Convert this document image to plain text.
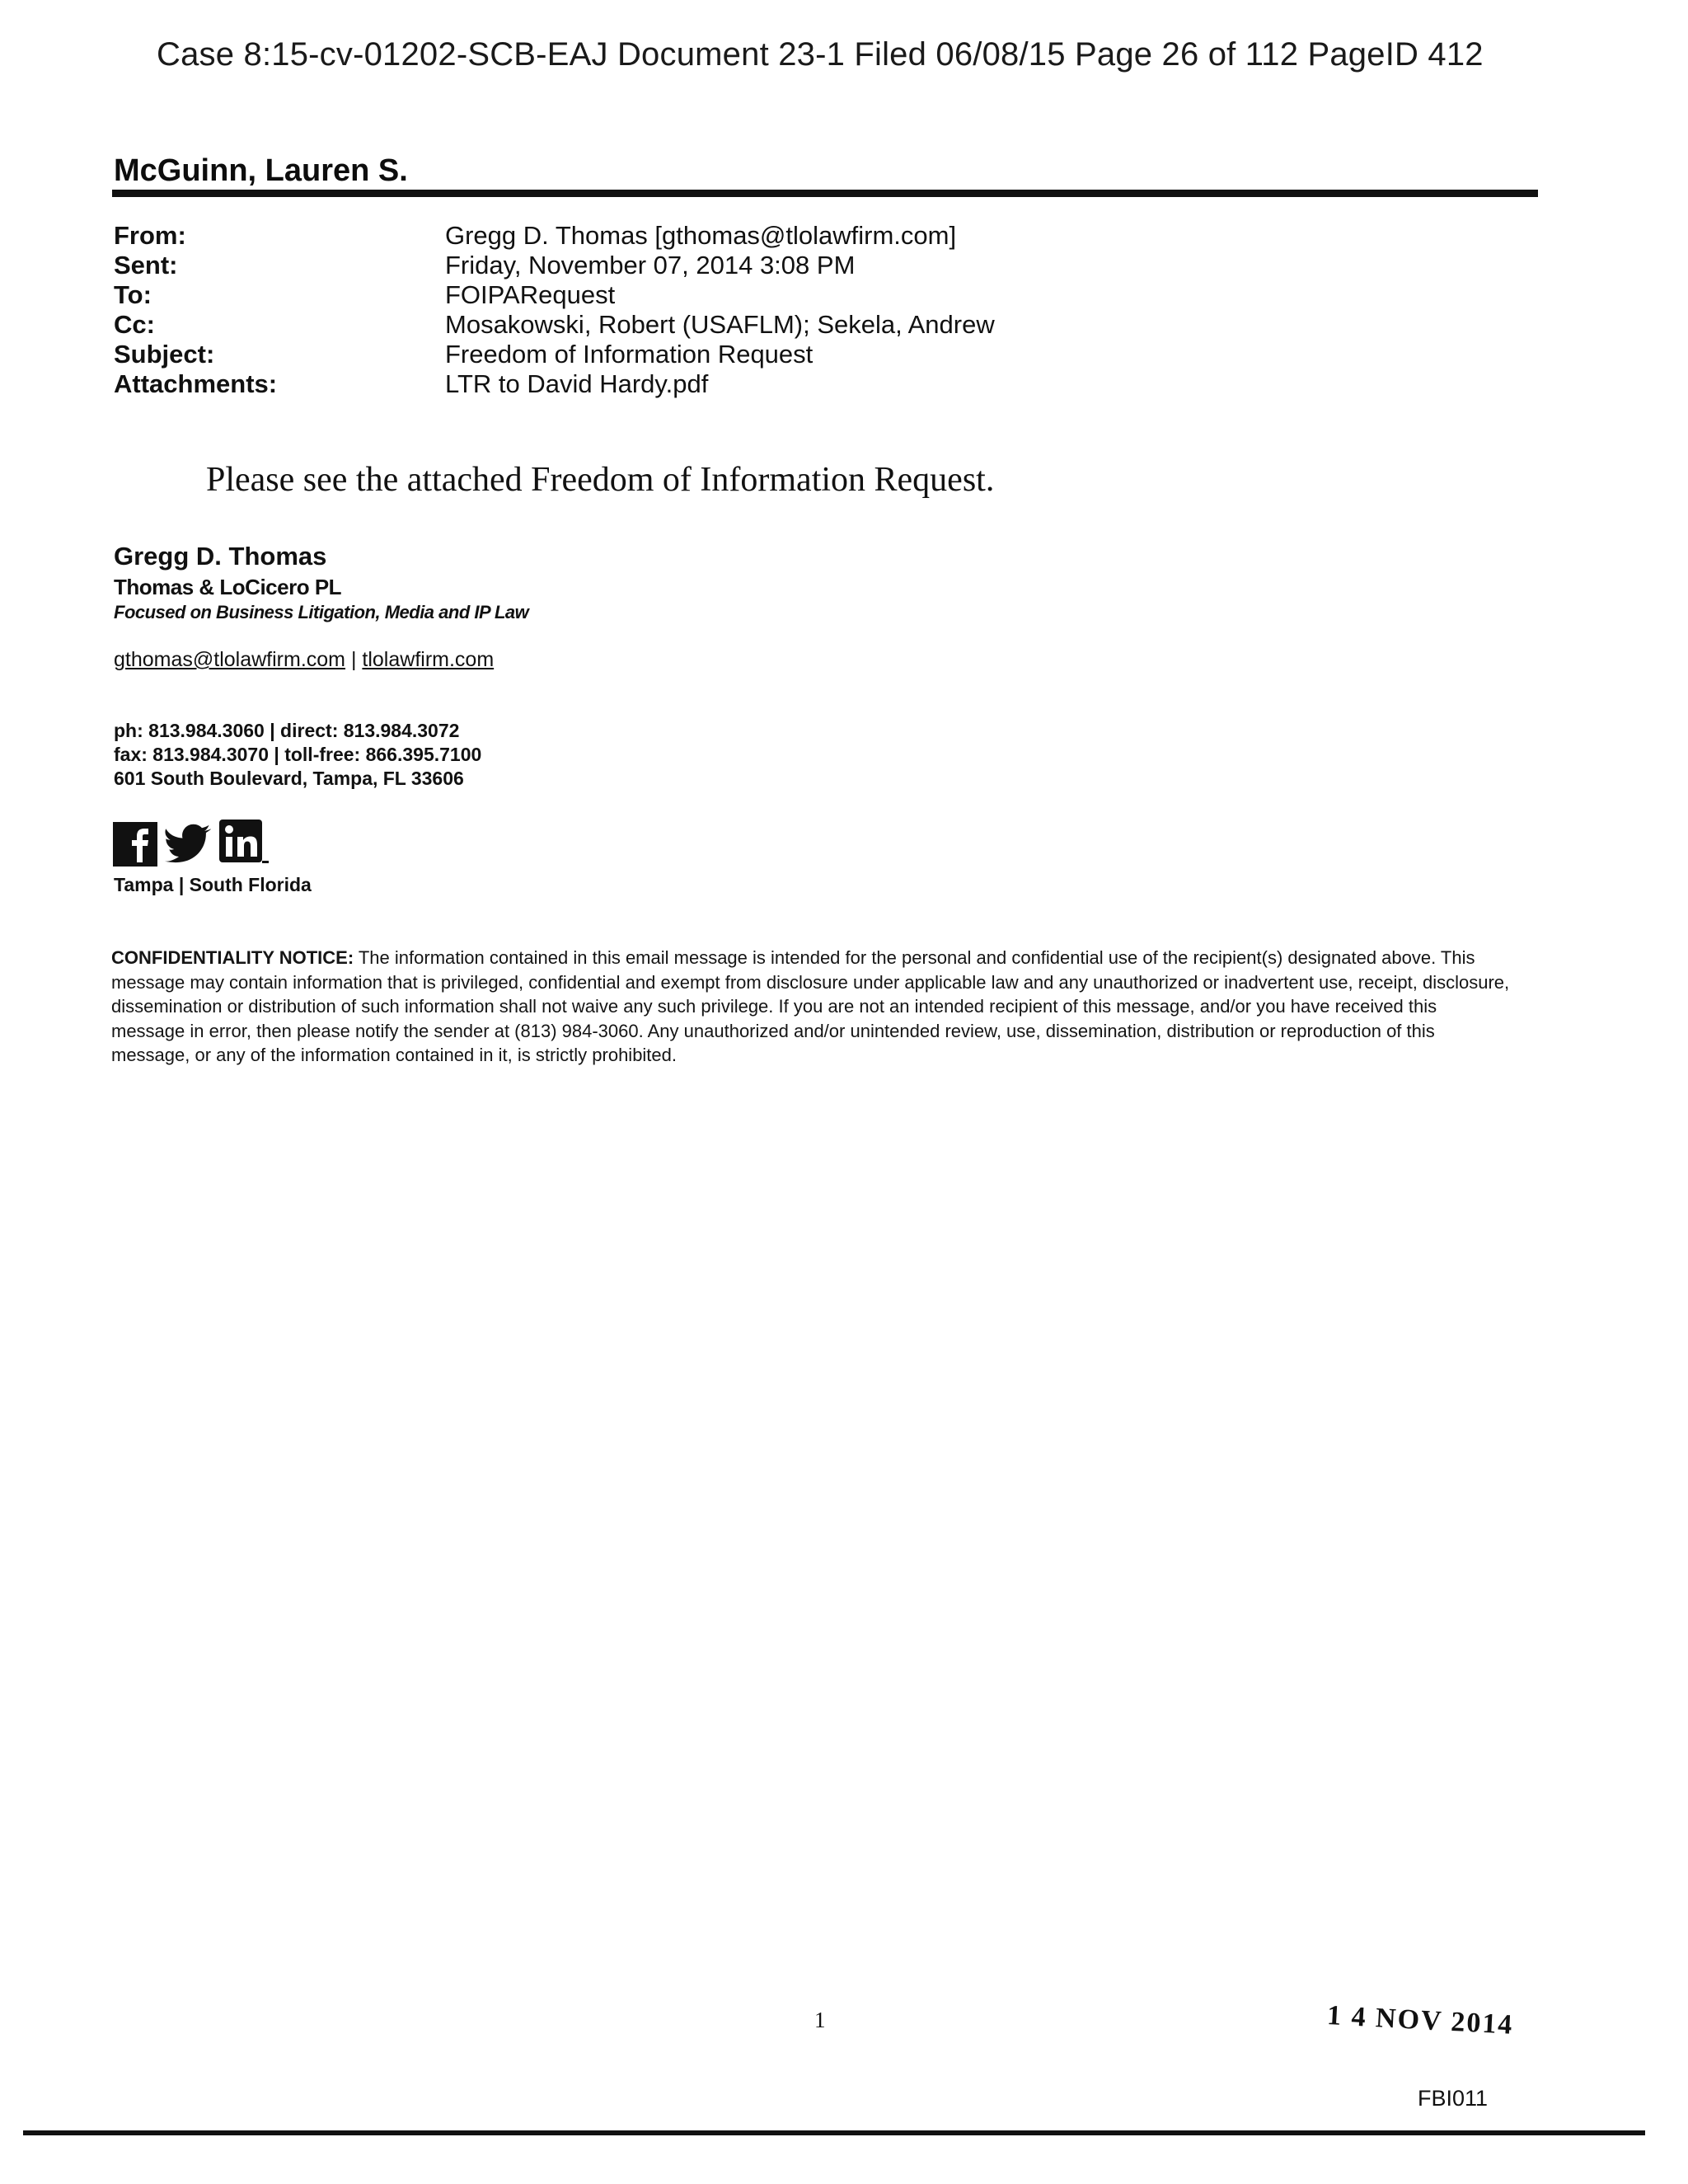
Case 8:15-cv-01202-SCB-EAJ Document 23-1 Filed 06/08/15 Page 26 of 112 PageID 412
McGuinn, Lauren S.
From:	Gregg D. Thomas [gthomas@tlolawfirm.com]
Sent:	Friday, November 07, 2014 3:08 PM
To:	FOIPARequest
Cc:	Mosakowski, Robert (USAFLM); Sekela, Andrew
Subject:	Freedom of Information Request
Attachments:	LTR to David Hardy.pdf
Please see the attached Freedom of Information Request.
Gregg D. Thomas
Thomas & LoCicero PL
Focused on Business Litigation, Media and IP Law
gthomas@tlolawfirm.com | tlolawfirm.com
ph: 813.984.3060 | direct: 813.984.3072
fax: 813.984.3070 | toll-free: 866.395.7100
601 South Boulevard, Tampa, FL 33606
Tampa | South Florida
CONFIDENTIALITY NOTICE: The information contained in this email message is intended for the personal and confidential use of the recipient(s) designated above. This message may contain information that is privileged, confidential and exempt from disclosure under applicable law and any unauthorized or inadvertent use, receipt, disclosure, dissemination or distribution of such information shall not waive any such privilege. If you are not an intended recipient of this message, and/or you have received this message in error, then please notify the sender at (813) 984-3060. Any unauthorized and/or unintended review, use, dissemination, distribution or reproduction of this message, or any of the information contained in it, is strictly prohibited.
1	1 4 NOV 2014
FBI011
